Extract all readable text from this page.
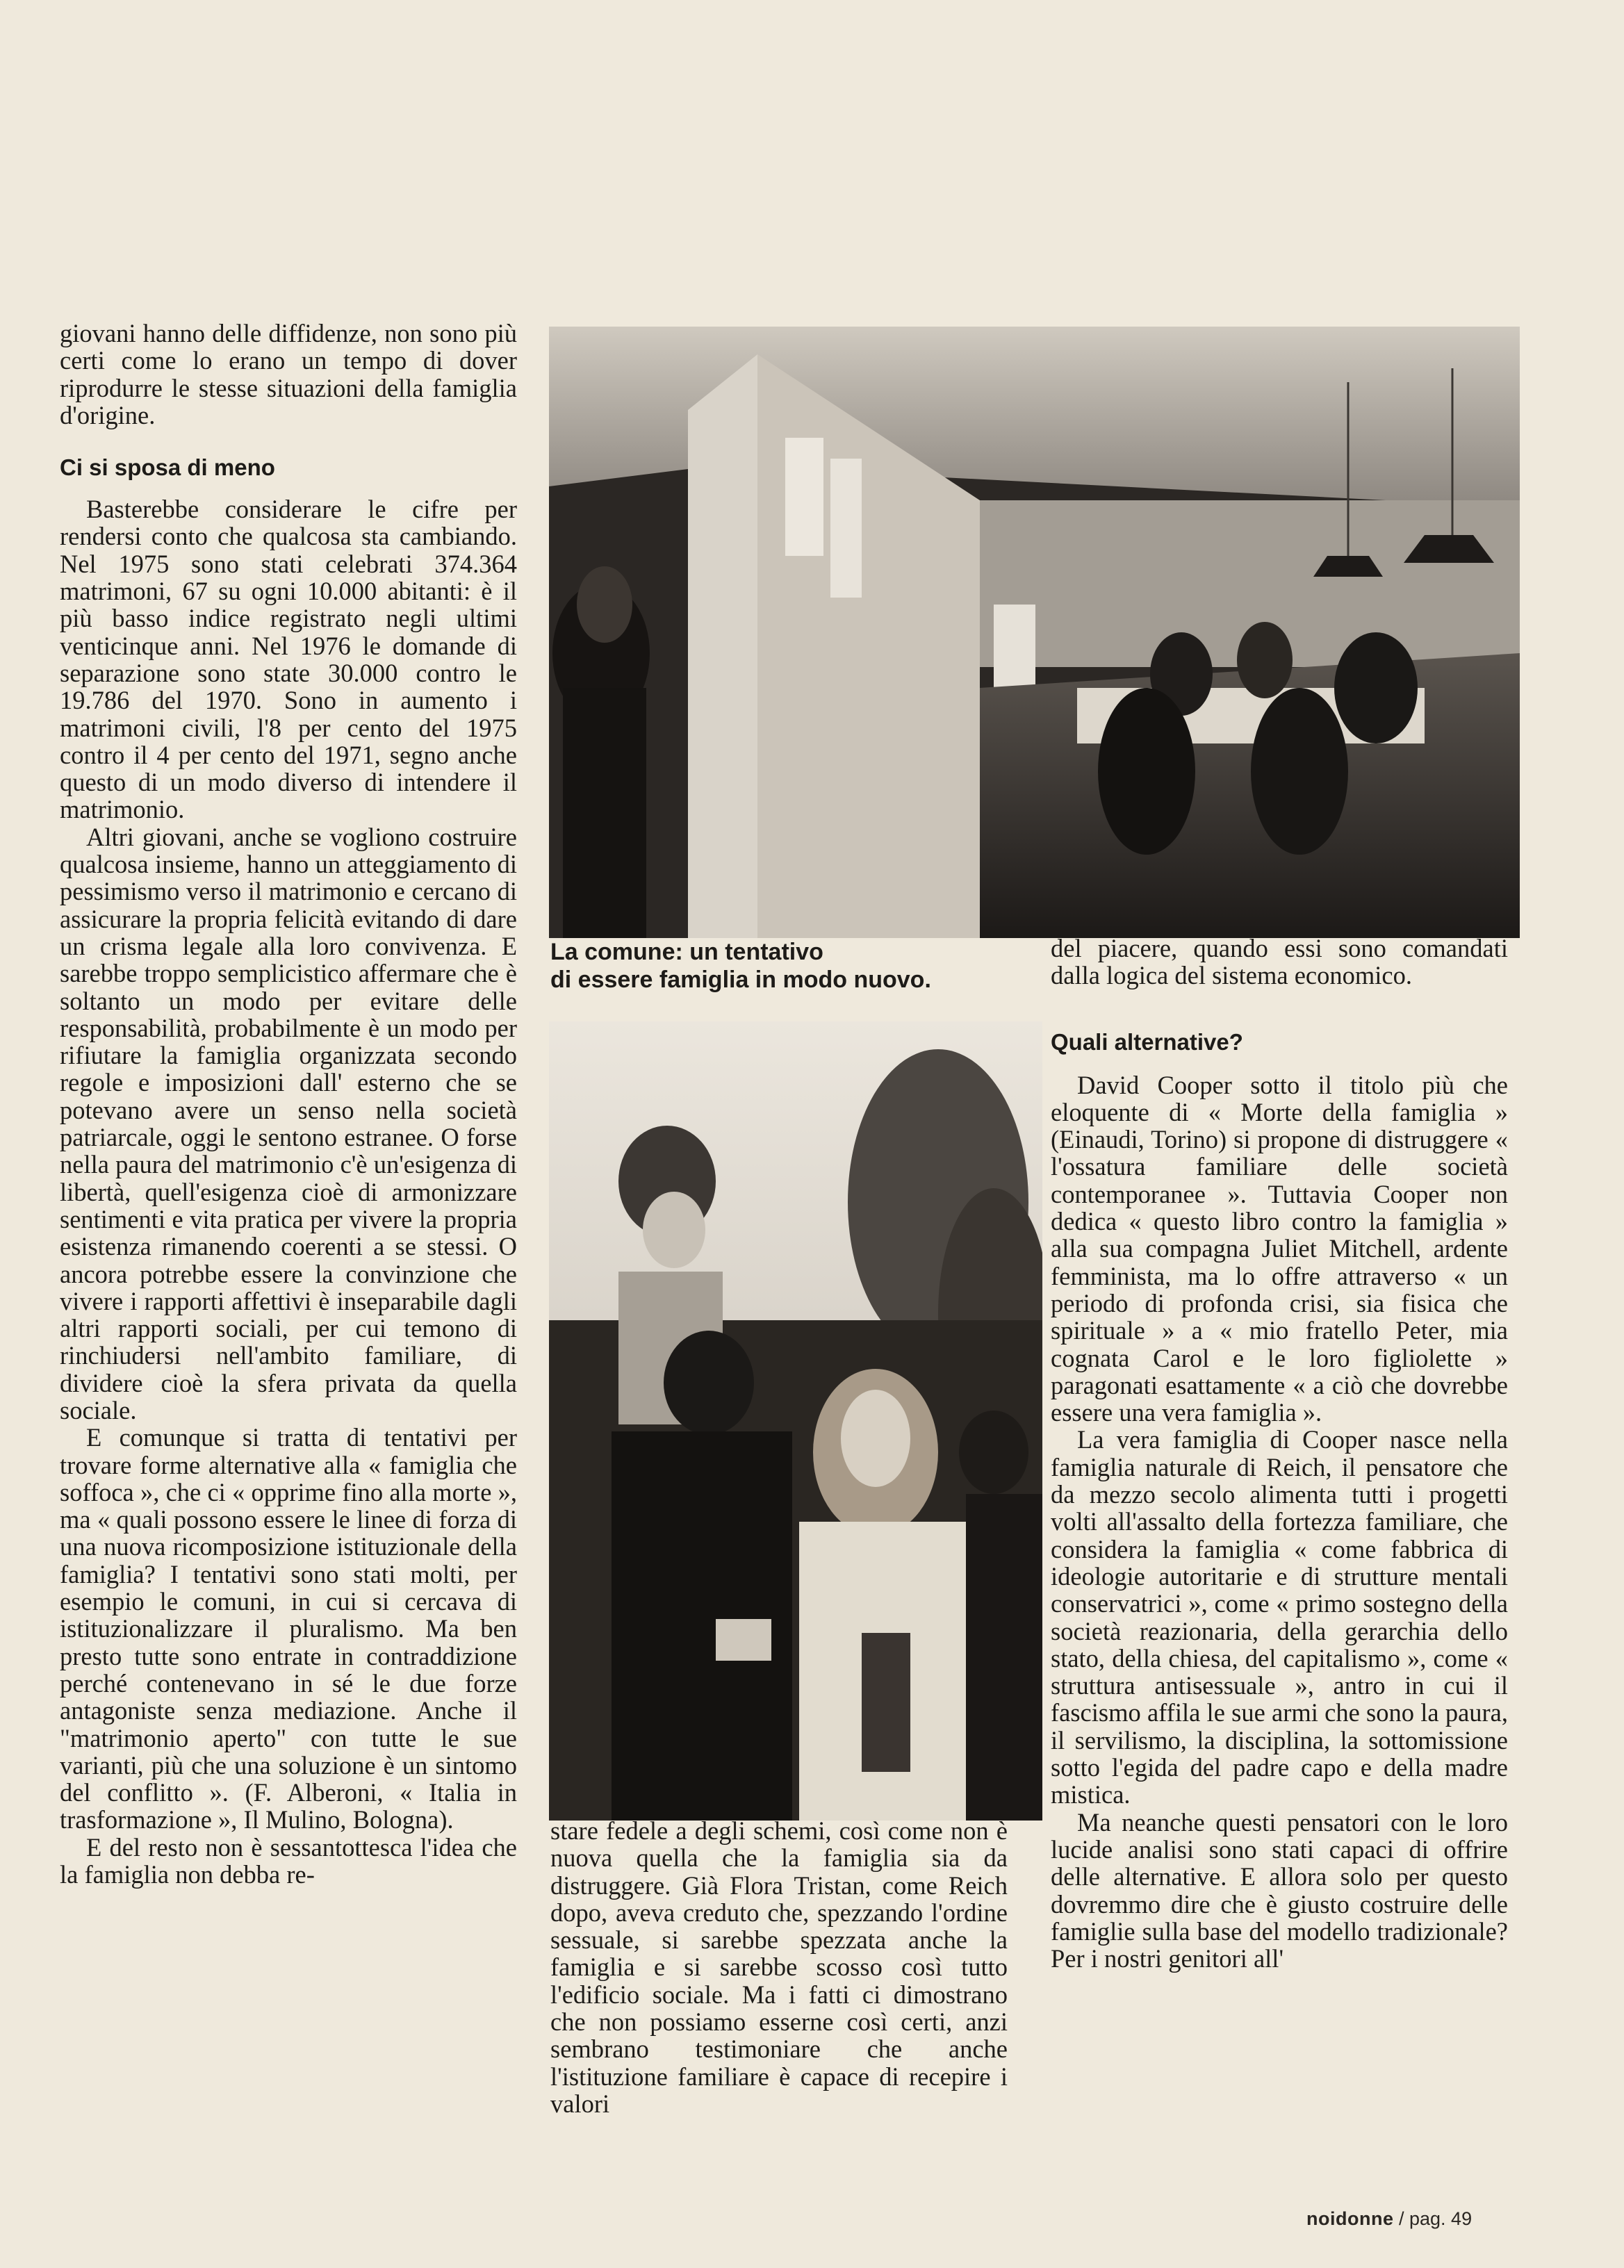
giovani hanno delle diffidenze, non sono più certi come lo erano un tempo di dover riprodurre le stesse situazioni della famiglia d'origine.

Ci si sposa di meno

Basterebbe considerare le cifre per rendersi conto che qualcosa sta cambiando. Nel 1975 sono stati celebrati 374.364 matrimoni, 67 su ogni 10.000 abitanti: è il più basso indice registrato negli ultimi venticinque anni. Nel 1976 le domande di separazione sono state 30.000 contro le 19.786 del 1970. Sono in aumento i matrimoni civili, l'8 per cento del 1975 contro il 4 per cento del 1971, segno anche questo di un modo diverso di intendere il matrimonio.

Altri giovani, anche se vogliono costruire qualcosa insieme, hanno un atteggiamento di pessimismo verso il matrimonio e cercano di assicurare la propria felicità evitando di dare un crisma legale alla loro convivenza. E sarebbe troppo semplicistico affermare che è soltanto un modo per evitare delle responsabilità, probabilmente è un modo per rifiutare la famiglia organizzata secondo regole e imposizioni dall' esterno che se potevano avere un senso nella società patriarcale, oggi le sentono estranee. O forse nella paura del matrimonio c'è un'esigenza di libertà, quell'esigenza cioè di armonizzare sentimenti e vita pratica per vivere la propria esistenza rimanendo coerenti a se stessi. O ancora potrebbe essere la convinzione che vivere i rapporti affettivi è inseparabile dagli altri rapporti sociali, per cui temono di rinchiudersi nell'ambito familiare, di dividere cioè la sfera privata da quella sociale.

E comunque si tratta di tentativi per trovare forme alternative alla « famiglia che soffoca », che ci « opprime fino alla morte », ma « quali possono essere le linee di forza di una nuova ricomposizione istituzionale della famiglia? I tentativi sono stati molti, per esempio le comuni, in cui si cercava di istituzionalizzare il pluralismo. Ma ben presto tutte sono entrate in contraddizione perché contenevano in sé le due forze antagoniste senza mediazione. Anche il "matrimonio aperto" con tutte le sue varianti, più che una soluzione è un sintomo del conflitto ». (F. Alberoni, « Italia in trasformazione », Il Mulino, Bologna).

E del resto non è sessantottesca l'idea che la famiglia non debba re-

La comune: un tentativo
di essere famiglia in modo nuovo.

stare fedele a degli schemi, così come non è nuova quella che la famiglia sia da distruggere. Già Flora Tristan, come Reich dopo, aveva creduto che, spezzando l'ordine sessuale, si sarebbe spezzata anche la famiglia e si sarebbe scosso così tutto l'edificio sociale. Ma i fatti ci dimostrano che non possiamo esserne così certi, anzi sembrano testimoniare che anche l'istituzione familiare è capace di recepire i valori

del piacere, quando essi sono comandati dalla logica del sistema economico.

Quali alternative?

David Cooper sotto il titolo più che eloquente di « Morte della famiglia » (Einaudi, Torino) si propone di distruggere « l'ossatura familiare delle società contemporanee ». Tuttavia Cooper non dedica « questo libro contro la famiglia » alla sua compagna Juliet Mitchell, ardente femminista, ma lo offre attraverso « un periodo di profonda crisi, sia fisica che spirituale » a « mio fratello Peter, mia cognata Carol e le loro figliolette » paragonati esattamente « a ciò che dovrebbe essere una vera famiglia ».

La vera famiglia di Cooper nasce nella famiglia naturale di Reich, il pensatore che da mezzo secolo alimenta tutti i progetti volti all'assalto della fortezza familiare, che considera la famiglia « come fabbrica di ideologie autoritarie e di strutture mentali conservatrici », come « primo sostegno della società reazionaria, della gerarchia dello stato, della chiesa, del capitalismo », come « struttura antisessuale », antro in cui il fascismo affila le sue armi che sono la paura, il servilismo, la disciplina, la sottomissione sotto l'egida del padre capo e della madre mistica.

Ma neanche questi pensatori con le loro lucide analisi sono stati capaci di offrire delle alternative. E allora solo per questo dovremmo dire che è giusto costruire delle famiglie sulla base del modello tradizionale? Per i nostri genitori all'

noidonne / pag. 49
